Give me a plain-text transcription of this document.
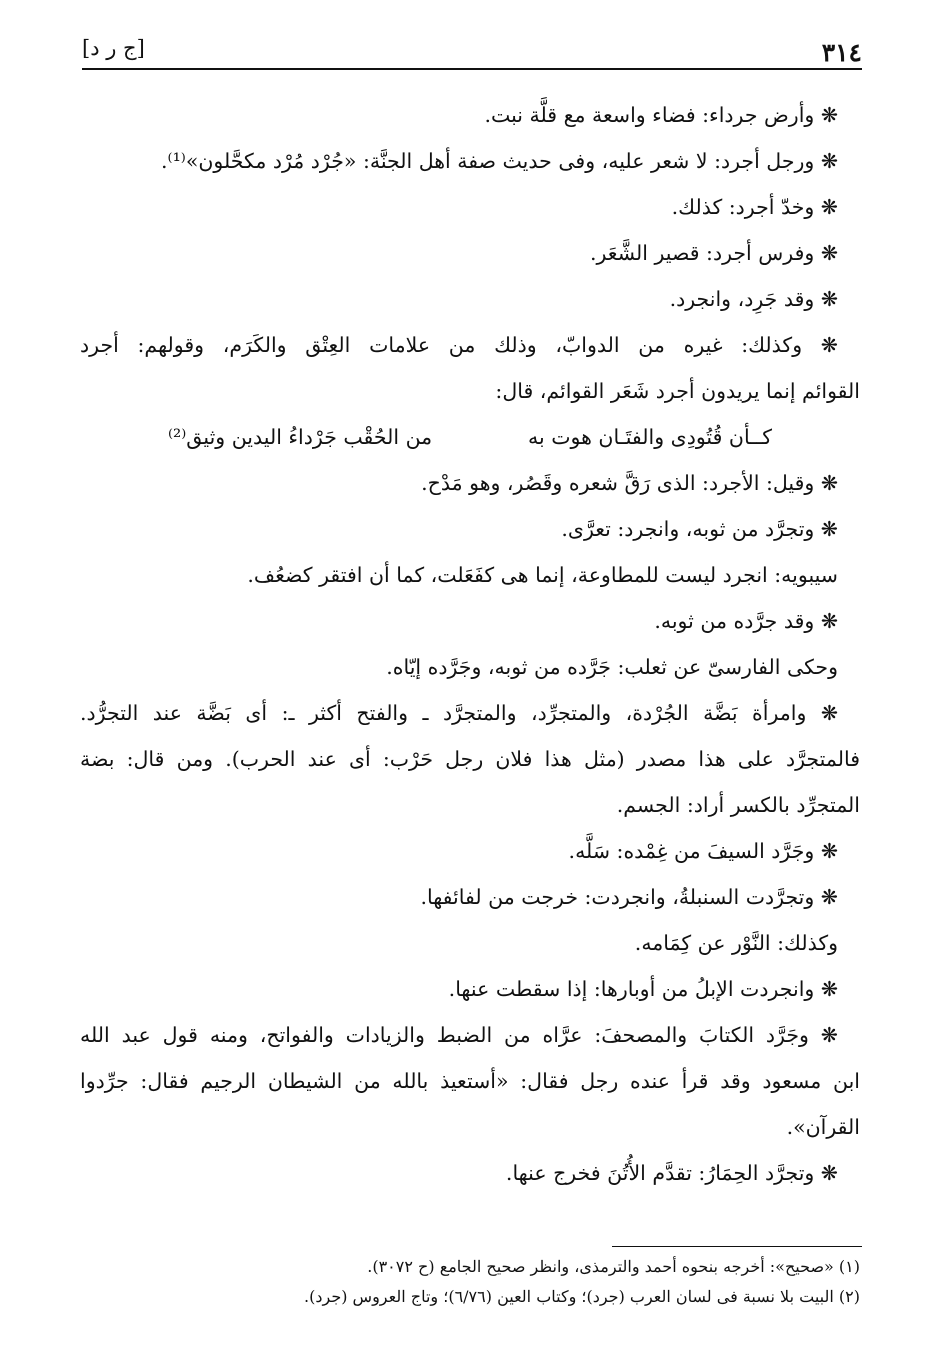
٣١٤
[ج ر د]
❋ وأرض جرداء: فضاء واسعة مع قلَّة نبت.
❋ ورجل أجرد: لا شعر عليه، وفى حديث صفة أهل الجنَّة: «جُرْد مُرْد مكحَّلون»⁽¹⁾.
❋ وخدّ أجرد: كذلك.
❋ وفرس أجرد: قصير الشَّعَر.
❋ وقد جَرِد، وانجرد.
❋ وكذلك: غيره من الدوابّ، وذلك من علامات العِتْق والكَرَم، وقولهم: أجرد
القوائم إنما يريدون أجرد شَعَر القوائم، قال:
كــأن قُتُودِى والفتَـان هوت به
من الحُقْب جَرْداءُ اليدين وثيق⁽²⁾
❋ وقيل: الأجرد: الذى رَقَّ شعره وقَصُر، وهو مَدْح.
❋ وتجرَّد من ثوبه، وانجرد: تعرَّى.
سيبويه: انجرد ليست للمطاوعة، إنما هى كفَعَلت، كما أن افتقر كضعُف.
❋ وقد جرَّده من ثوبه.
وحكى الفارسىّ عن ثعلب: جَرَّده من ثوبه، وجَرَّده إيّاه.
❋ وامرأة بَضَّة الجُرْدة، والمتجرِّد، والمتجرَّد ـ والفتح أكثر ـ: أى بَضَّة عند التجرُّد.
فالمتجرَّد على هذا مصدر (مثل هذا فلان رجل حَرْب: أى عند الحرب). ومن قال: بضة
المتجرِّد بالكسر أراد: الجسم.
❋ وجَرَّد السيفَ من غِمْده: سَلَّه.
❋ وتجرَّدت السنبلةُ، وانجردت: خرجت من لفائفها.
وكذلك: النَّوْر عن كِمَامه.
❋ وانجردت الإبلُ من أوبارها: إذا سقطت عنها.
❋ وجَرَّد الكتابَ والمصحفَ: عرَّاه من الضبط والزيادات والفواتح، ومنه قول عبد الله
ابن مسعود وقد قرأ عنده رجل فقال: «أستعيذ بالله من الشيطان الرجيم فقال: جرِّدوا
القرآن».
❋ وتجرَّد الحِمَارُ: تقدَّم الأُتُنَ فخرج عنها.
(١) «صحيح»: أخرجه بنحوه أحمد والترمذى، وانظر صحيح الجامع (ح ٣٠٧٢).
(٢) البيت بلا نسبة فى لسان العرب (جرد)؛ وكتاب العين (٦/٧٦)؛ وتاج العروس (جرد).
